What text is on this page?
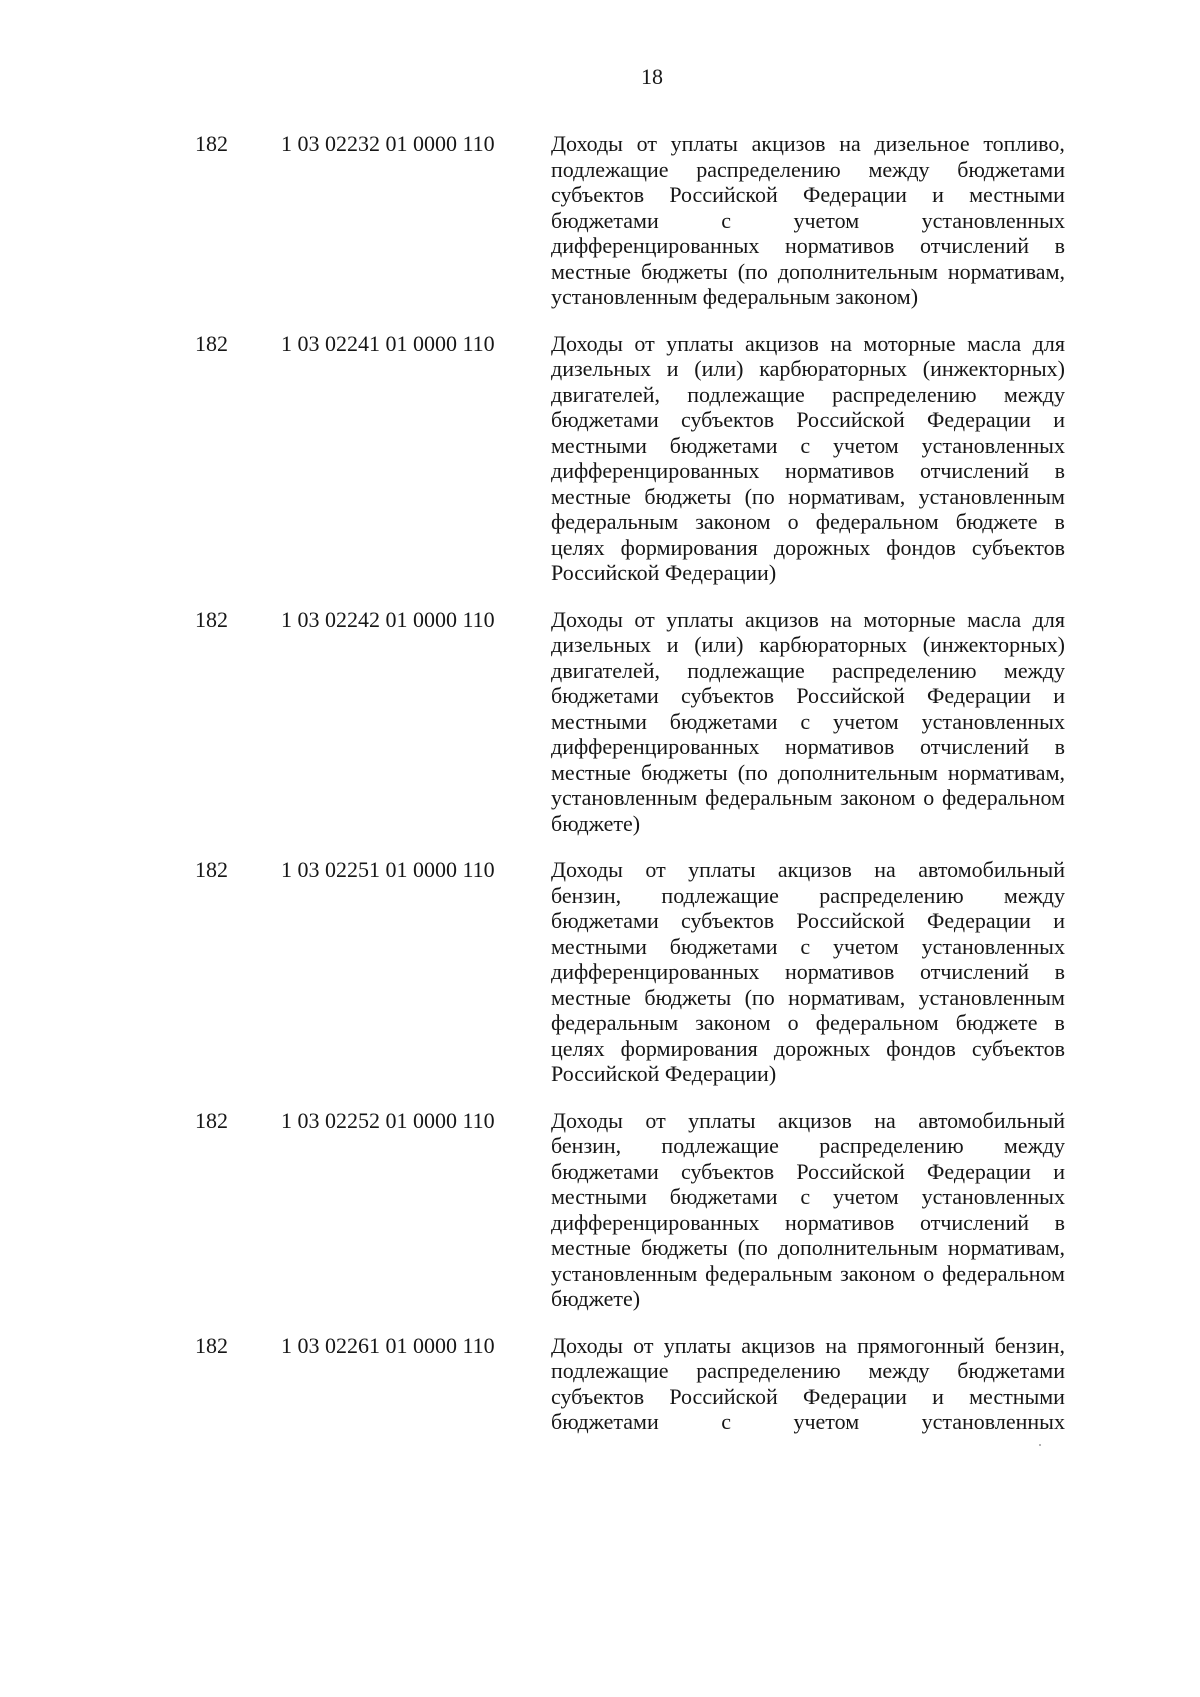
18
182	1 03 02232 01 0000 110	Доходы от уплаты акцизов на дизельное топливо,
подлежащие распределению между бюджетами
субъектов Российской Федерации и местными
бюджетами	с	учетом	установленных
дифференцированных нормативов отчислений в
местные бюджеты (по дополнительным нормативам,
установленным федеральным законом)
182	1 03 02241 01 0000 110	Доходы от уплаты акцизов на моторные масла для
дизельных и (или) карбюраторных (инжекторных)
двигателей, подлежащие распределению между
бюджетами субъектов Российской Федерации и
местными бюджетами с учетом установленных
дифференцированных нормативов отчислений в
местные бюджеты (по нормативам, установленным
федеральным законом о федеральном бюджете в
целях формирования дорожных фондов субъектов
Российской Федерации)
182	1 03 02242 01 0000 110	Доходы от уплаты акцизов на моторные масла для
дизельных и (или) карбюраторных (инжекторных)
двигателей, подлежащие распределению между
бюджетами субъектов Российской Федерации и
местными бюджетами с учетом установленных
дифференцированных нормативов отчислений в
местные бюджеты (по дополнительным нормативам,
установленным федеральным законом о федеральном
бюджете)
182	1 03 02251 01 0000 110	Доходы от уплаты акцизов на автомобильный
бензин, подлежащие распределению между
бюджетами субъектов Российской Федерации и
местными бюджетами с учетом установленных
дифференцированных нормативов отчислений в
местные бюджеты (по нормативам, установленным
федеральным законом о федеральном бюджете в
целях формирования дорожных фондов субъектов
Российской Федерации)
182	1 03 02252 01 0000 110	Доходы от уплаты акцизов на автомобильный
бензин, подлежащие распределению между
бюджетами субъектов Российской Федерации и
местными бюджетами с учетом установленных
дифференцированных нормативов отчислений в
местные бюджеты (по дополнительным нормативам,
установленным федеральным законом о федеральном
бюджете)
182	1 03 02261 01 0000 110	Доходы от уплаты акцизов на прямогонный бензин,
подлежащие распределению между бюджетами
субъектов Российской Федерации и местными
бюджетами	с	учетом	установленных
